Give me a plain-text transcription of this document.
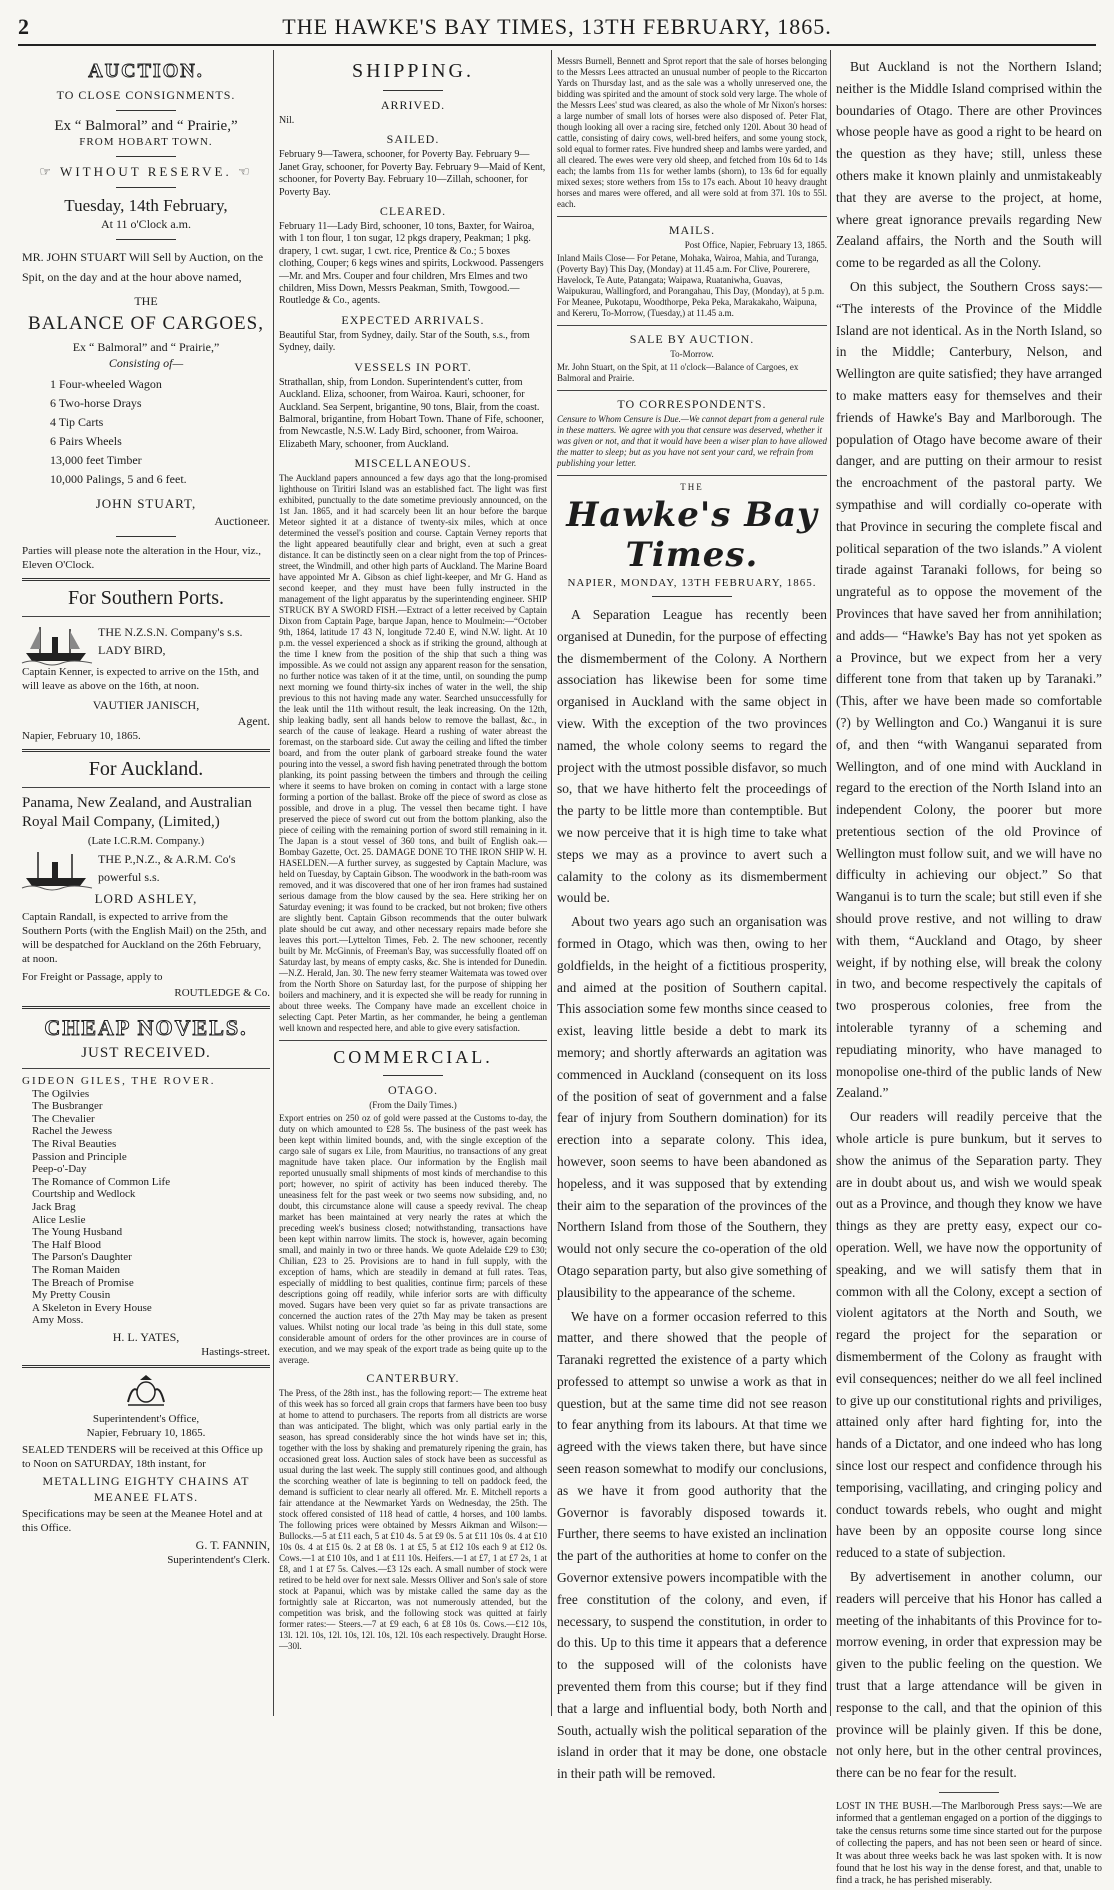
2	THE HAWKE'S BAY TIMES, 13TH FEBRUARY, 1865.
AUCTION.
TO CLOSE CONSIGNMENTS.
Ex “ Balmoral” and “ Prairie,”
FROM HOBART TOWN.
☞ WITHOUT RESERVE. ☜
Tuesday, 14th February,
At 11 o'Clock a.m.

MR. JOHN STUART Will Sell by Auction, on the Spit, on the day and at the hour above named,

THE
BALANCE OF CARGOES,
Ex “ Balmoral” and “ Prairie,”
Consisting of—
1 Four-wheeled Wagon
6 Two-horse Drays
4 Tip Carts
6 Pairs Wheels
13,000 feet Timber
10,000 Palings, 5 and 6 feet.
JOHN STUART,
Auctioneer.

Parties will please note the alteration in the Hour, viz., Eleven O'Clock.

For Southern Ports.

THE N.Z.S.N. Company's s.s. LADY BIRD,

Captain Kenner, is expected to arrive on the 15th, and will leave as above on the 16th, at noon.

VAUTIER JANISCH,
Agent.
Napier, February 10, 1865.
For Auckland.

Panama, New Zealand, and Australian Royal Mail Company, (Limited,)

(Late I.C.R.M. Company.)

THE P.,N.Z., & A.R.M. Co's powerful s.s.

LORD ASHLEY,

Captain Randall, is expected to arrive from the Southern Ports (with the English Mail) on the 25th, and will be despatched for Auckland on the 26th February, at noon.

For Freight or Passage, apply to

ROUTLEDGE & Co.
CHEAP NOVELS.
JUST RECEIVED.
GIDEON GILES, THE ROVER.
The Ogilvies
The Busbranger
The Chevalier
Rachel the Jewess
The Rival Beauties
Passion and Principle
Peep-o'-Day
The Romance of Common Life
Courtship and Wedlock
Jack Brag
Alice Leslie
The Young Husband
The Half Blood
The Parson's Daughter
The Roman Maiden
The Breach of Promise
My Pretty Cousin
A Skeleton in Every House
Amy Moss.
H. L. YATES,
Hastings-street.
Superintendent's Office,
Napier, February 10, 1865.

SEALED TENDERS will be received at this Office up to Noon on SATURDAY, 18th instant, for

METALLING EIGHTY CHAINS AT MEANEE FLATS.

Specifications may be seen at the Meanee Hotel and at this Office.

G. T. FANNIN,
Superintendent's Clerk.
SHIPPING.
ARRIVED.

Nil.

SAILED.

February 9—Tawera, schooner, for Poverty Bay. February 9—Janet Gray, schooner, for Poverty Bay. February 9—Maid of Kent, schooner, for Poverty Bay. February 10—Zillah, schooner, for Poverty Bay.

CLEARED.

February 11—Lady Bird, schooner, 10 tons, Baxter, for Wairoa, with 1 ton flour, 1 ton sugar, 12 pkgs drapery, Peakman; 1 pkg. drapery, 1 cwt. sugar, 1 cwt. rice, Prentice & Co.; 5 boxes clothing, Couper; 6 kegs wines and spirits, Lockwood. Passengers—Mr. and Mrs. Couper and four children, Mrs Elmes and two children, Miss Down, Messrs Peakman, Smith, Towgood.—Routledge & Co., agents.

EXPECTED ARRIVALS.

Beautiful Star, from Sydney, daily. Star of the South, s.s., from Sydney, daily.

VESSELS IN PORT.

Strathallan, ship, from London. Superintendent's cutter, from Auckland. Eliza, schooner, from Wairoa. Kauri, schooner, for Auckland. Sea Serpent, brigantine, 90 tons, Blair, from the coast. Balmoral, brigantine, from Hobart Town. Thane of Fife, schooner, from Newcastle, N.S.W. Lady Bird, schooner, from Wairoa. Elizabeth Mary, schooner, from Auckland.

MISCELLANEOUS.

The Auckland papers announced a few days ago that the long-promised lighthouse on Tiritiri Island was an established fact. The light was first exhibited, punctually to the date sometime previously announced, on the 1st Jan. 1865, and it had scarcely been lit an hour before the barque Meteor sighted it at a distance of twenty-six miles, which at once determined the vessel's position and course. Captain Verney reports that the light appeared beautifully clear and bright, even at such a great distance. It can be distinctly seen on a clear night from the top of Princes-street, the Windmill, and other high parts of Auckland. The Marine Board have appointed Mr A. Gibson as chief light-keeper, and Mr G. Hand as second keeper, and they must have been fully instructed in the management of the light apparatus by the superintending engineer. SHIP STRUCK BY A SWORD FISH.—Extract of a letter received by Captain Dixon from Captain Page, barque Japan, hence to Moulmein:—“October 9th, 1864, latitude 17 43 N, longitude 72.40 E, wind N.W. light. At 10 p.m. the vessel experienced a shock as if striking the ground, although at the time I knew from the position of the ship that such a thing was impossible. As we could not assign any apparent reason for the sensation, no further notice was taken of it at the time, until, on sounding the pump next morning we found thirty-six inches of water in the well, the ship previous to this not having made any water. Searched unsuccessfully for the leak until the 11th without result, the leak increasing. On the 12th, ship leaking badly, sent all hands below to remove the ballast, &c., in search of the cause of leakage. Heard a rushing of water abreast the foremast, on the starboard side. Cut away the ceiling and lifted the timber board, and from the outer plank of garboard streake found the water pouring into the vessel, a sword fish having penetrated through the bottom planking, its point passing between the timbers and through the ceiling where it seems to have broken on coming in contact with a large stone forming a portion of the ballast. Broke off the piece of sword as close as possible, and drove in a plug. The vessel then became tight. I have preserved the piece of sword cut out from the bottom planking, also the piece of ceiling with the remaining portion of sword still remaining in it. The Japan is a stout vessel of 360 tons, and built of English oak.—Bombay Gazette, Oct. 25. DAMAGE DONE TO THE IRON SHIP W. H. HASELDEN.—A further survey, as suggested by Captain Maclure, was held on Tuesday, by Captain Gibson. The woodwork in the bath-room was removed, and it was discovered that one of her iron frames had sustained serious damage from the blow caused by the sea. Here striking her on Saturday evening; it was found to be cracked, but not broken; five others are slightly bent. Captain Gibson recommends that the outer bulwark plate should be cut away, and other necessary repairs made before she leaves this port.—Lyttelton Times, Feb. 2. The new schooner, recently built by Mr. McGinnis, of Freeman's Bay, was successfully floated off on Saturday last, by means of empty casks, &c. She is intended for Dunedin.—N.Z. Herald, Jan. 30. The new ferry steamer Waitemata was towed over from the North Shore on Saturday last, for the purpose of shipping her boilers and machinery, and it is expected she will be ready for running in about three weeks. The Company have made an excellent choice in selecting Capt. Peter Martin, as her commander, he being a gentleman well known and respected here, and able to give every satisfaction.

COMMERCIAL.
OTAGO.
(From the Daily Times.)

Export entries on 250 oz of gold were passed at the Customs to-day, the duty on which amounted to £28 5s. The business of the past week has been kept within limited bounds, and, with the single exception of the cargo sale of sugars ex Lile, from Mauritius, no transactions of any great magnitude have taken place. Our information by the English mail reported unusually small shipments of most kinds of merchandise to this port; however, no spirit of activity has been induced thereby. The uneasiness felt for the past week or two seems now subsiding, and, no doubt, this circumstance alone will cause a speedy revival. The cheap market has been maintained at very nearly the rates at which the preceding week's business closed; notwithstanding, transactions have been kept within narrow limits. The stock is, however, again becoming small, and mainly in two or three hands. We quote Adelaide £29 to £30; Chilian, £23 to 25. Provisions are to hand in full supply, with the exception of hams, which are steadily in demand at full rates. Teas, especially of middling to best qualities, continue firm; parcels of these descriptions going off readily, while inferior sorts are with difficulty moved. Sugars have been very quiet so far as private transactions are concerned the auction rates of the 27th May may be taken as present values. Whilst noting our local trade 'as being in this dull state, some considerable amount of orders for the other provinces are in course of execution, and we may speak of the export trade as being quite up to the average.

CANTERBURY.

The Press, of the 28th inst., has the following report:— The extreme heat of this week has so forced all grain crops that farmers have been too busy at home to attend to purchasers. The reports from all districts are worse than was anticipated. The blight, which was only partial early in the season, has spread considerably since the hot winds have set in; this, together with the loss by shaking and prematurely ripening the grain, has occasioned great loss. Auction sales of stock have been as successful as usual during the last week. The supply still continues good, and although the scorching weather of late is beginning to tell on paddock feed, the demand is sufficient to clear nearly all offered. Mr. E. Mitchell reports a fair attendance at the Newmarket Yards on Wednesday, the 25th. The stock offered consisted of 118 head of cattle, 4 horses, and 100 lambs. The following prices were obtained by Messrs Aikman and Wilson:— Bullocks.—5 at £11 each, 5 at £10 4s. 5 at £9 0s. 5 at £11 10s 0s. 4 at £10 10s 0s. 4 at £15 0s. 2 at £8 0s. 1 at £5, 5 at £12 10s each 9 at £12 0s. Cows.—1 at £10 10s, and 1 at £11 10s. Heifers.—1 at £7, 1 at £7 2s, 1 at £8, and 1 at £7 5s. Calves.—£3 12s each. A small number of stock were retired to be held over for next sale. Messrs Olliver and Son's sale of store stock at Papanui, which was by mistake called the same day as the fortnightly sale at Riccarton, was not numerously attended, but the competition was brisk, and the following stock was quitted at fairly former rates:— Steers.—7 at £9 each, 6 at £8 10s 0s. Cows.—£12 10s, 13l. 12l. 10s, 12l. 10s, 12l. 10s, 12l. 10s each respectively. Draught Horse.—30l.

Messrs Burnell, Bennett and Sprot report that the sale of horses belonging to the Messrs Lees attracted an unusual number of people to the Riccarton Yards on Thursday last, and as the sale was a wholly unreserved one, the bidding was spirited and the amount of stock sold very large. The whole of the Messrs Lees' stud was cleared, as also the whole of Mr Nixon's horses: a large number of small lots of horses were also disposed of. Peter Flat, though looking all over a racing sire, fetched only 120l. About 30 head of cattle, consisting of dairy cows, well-bred heifers, and some young stock, sold equal to former rates. Five hundred sheep and lambs were yarded, and all cleared. The ewes were very old sheep, and fetched from 10s 6d to 14s each; the lambs from 11s for wether lambs (shorn), to 13s 6d for equally mixed sexes; store wethers from 15s to 17s each. About 10 heavy draught horses and mares were offered, and all were sold at from 37l. 10s to 55l. each.

MAILS.
Post Office, Napier, February 13, 1865.

Inland Mails Close— For Petane, Mohaka, Wairoa, Mahia, and Turanga, (Poverty Bay) This Day, (Monday) at 11.45 a.m. For Clive, Pourerere, Havelock, Te Aute, Patangata; Waipawa, Ruataniwha, Guavas, Waipukurau, Wallingford, and Porangahau, This Day, (Monday), at 5 p.m. For Meanee, Pukotapu, Woodthorpe, Peka Peka, Marakakaho, Waipuna, and Kereru, To-Morrow, (Tuesday,) at 11.45 a.m.

SALE BY AUCTION.
To-Morrow.

Mr. John Stuart, on the Spit, at 11 o'clock—Balance of Cargoes, ex Balmoral and Prairie.

TO CORRESPONDENTS.

Censure to Whom Censure is Due.—We cannot depart from a general rule in these matters. We agree with you that censure was deserved, whether it was given or not, and that it would have been a wiser plan to have allowed the matter to sleep; but as you have not sent your card, we refrain from publishing your letter.

THE
Hawke's Bay Times.
NAPIER, MONDAY, 13TH FEBRUARY, 1865.

A Separation League has recently been organised at Dunedin, for the purpose of effecting the dismemberment of the Colony. A Northern association has likewise been for some time organised in Auckland with the same object in view. With the exception of the two provinces named, the whole colony seems to regard the project with the utmost possible disfavor, so much so, that we have hitherto felt the proceedings of the party to be little more than contemptible. But we now perceive that it is high time to take what steps we may as a province to avert such a calamity to the colony as its dismemberment would be.

About two years ago such an organisation was formed in Otago, which was then, owing to her goldfields, in the height of a fictitious prosperity, and aimed at the position of Southern capital. This association some few months since ceased to exist, leaving little beside a debt to mark its memory; and shortly afterwards an agitation was commenced in Auckland (consequent on its loss of the position of seat of government and a false fear of injury from Southern domination) for its erection into a separate colony. This idea, however, soon seems to have been abandoned as hopeless, and it was supposed that by extending their aim to the separation of the provinces of the Northern Island from those of the Southern, they would not only secure the co-operation of the old Otago separation party, but also give something of plausibility to the appearance of the scheme.

We have on a former occasion referred to this matter, and there showed that the people of Taranaki regretted the existence of a party which professed to attempt so unwise a work as that in question, but at the same time did not see reason to fear anything from its labours. At that time we agreed with the views taken there, but have since seen reason somewhat to modify our conclusions, as we have it from good authority that the Governor is favorably disposed towards it. Further, there seems to have existed an inclination the part of the authorities at home to confer on the Governor extensive powers incompatible with the free constitution of the colony, and even, if necessary, to suspend the constitution, in order to do this. Up to this time it appears that a deference to the supposed will of the colonists have prevented them from this course; but if they find that a large and influential body, both North and South, actually wish the political separation of the island in order that it may be done, one obstacle in their path will be removed.

But Auckland is not the Northern Island; neither is the Middle Island comprised within the boundaries of Otago. There are other Provinces whose people have as good a right to be heard on the question as they have; still, unless these others make it known plainly and unmistakeably that they are averse to the project, at home, where great ignorance prevails regarding New Zealand affairs, the North and the South will come to be regarded as all the Colony.

On this subject, the Southern Cross says:— “The interests of the Province of the Middle Island are not identical. As in the North Island, so in the Middle; Canterbury, Nelson, and Wellington are quite satisfied; they have arranged to make matters easy for themselves and their friends of Hawke's Bay and Marlborough. The population of Otago have become aware of their danger, and are putting on their armour to resist the encroachment of the pastoral party. We sympathise and will cordially co-operate with that Province in securing the complete fiscal and political separation of the two islands.” A violent tirade against Taranaki follows, for being so ungrateful as to oppose the movement of the Provinces that have saved her from annihilation; and adds— “Hawke's Bay has not yet spoken as a Province, but we expect from her a very different tone from that taken up by Taranaki.” (This, after we have been made so comfortable (?) by Wellington and Co.) Wanganui it is sure of, and then “with Wanganui separated from Wellington, and of one mind with Auckland in regard to the erection of the North Island into an independent Colony, the poorer but more pretentious section of the old Province of Wellington must follow suit, and we will have no difficulty in achieving our object.” So that Wanganui is to turn the scale; but still even if she should prove restive, and not willing to draw with them, “Auckland and Otago, by sheer weight, if by nothing else, will break the colony in two, and become respectively the capitals of two prosperous colonies, free from the intolerable tyranny of a scheming and repudiating minority, who have managed to monopolise one-third of the public lands of New Zealand.”

Our readers will readily perceive that the whole article is pure bunkum, but it serves to show the animus of the Separation party. They are in doubt about us, and wish we would speak out as a Province, and though they know we have things as they are pretty easy, expect our co-operation. Well, we have now the opportunity of speaking, and we will satisfy them that in common with all the Colony, except a section of violent agitators at the North and South, we regard the project for the separation or dismemberment of the Colony as fraught with evil consequences; neither do we all feel inclined to give up our constitutional rights and priviliges, attained only after hard fighting for, into the hands of a Dictator, and one indeed who has long since lost our respect and confidence through his temporising, vacillating, and cringing policy and conduct towards rebels, who ought and might have been by an opposite course long since reduced to a state of subjection.

By advertisement in another column, our readers will perceive that his Honor has called a meeting of the inhabitants of this Province for to-morrow evening, in order that expression may be given to the public feeling on the question. We trust that a large attendance will be given in response to the call, and that the opinion of this province will be plainly given. If this be done, not only here, but in the other central provinces, there can be no fear for the result.

LOST IN THE BUSH.—The Marlborough Press says:—We are informed that a gentleman engaged on a portion of the diggings to take the census returns some time since started out for the purpose of collecting the papers, and has not been seen or heard of since. It was about three weeks back he was last spoken with. It is now found that he lost his way in the dense forest, and that, unable to find a track, he has perished miserably.
